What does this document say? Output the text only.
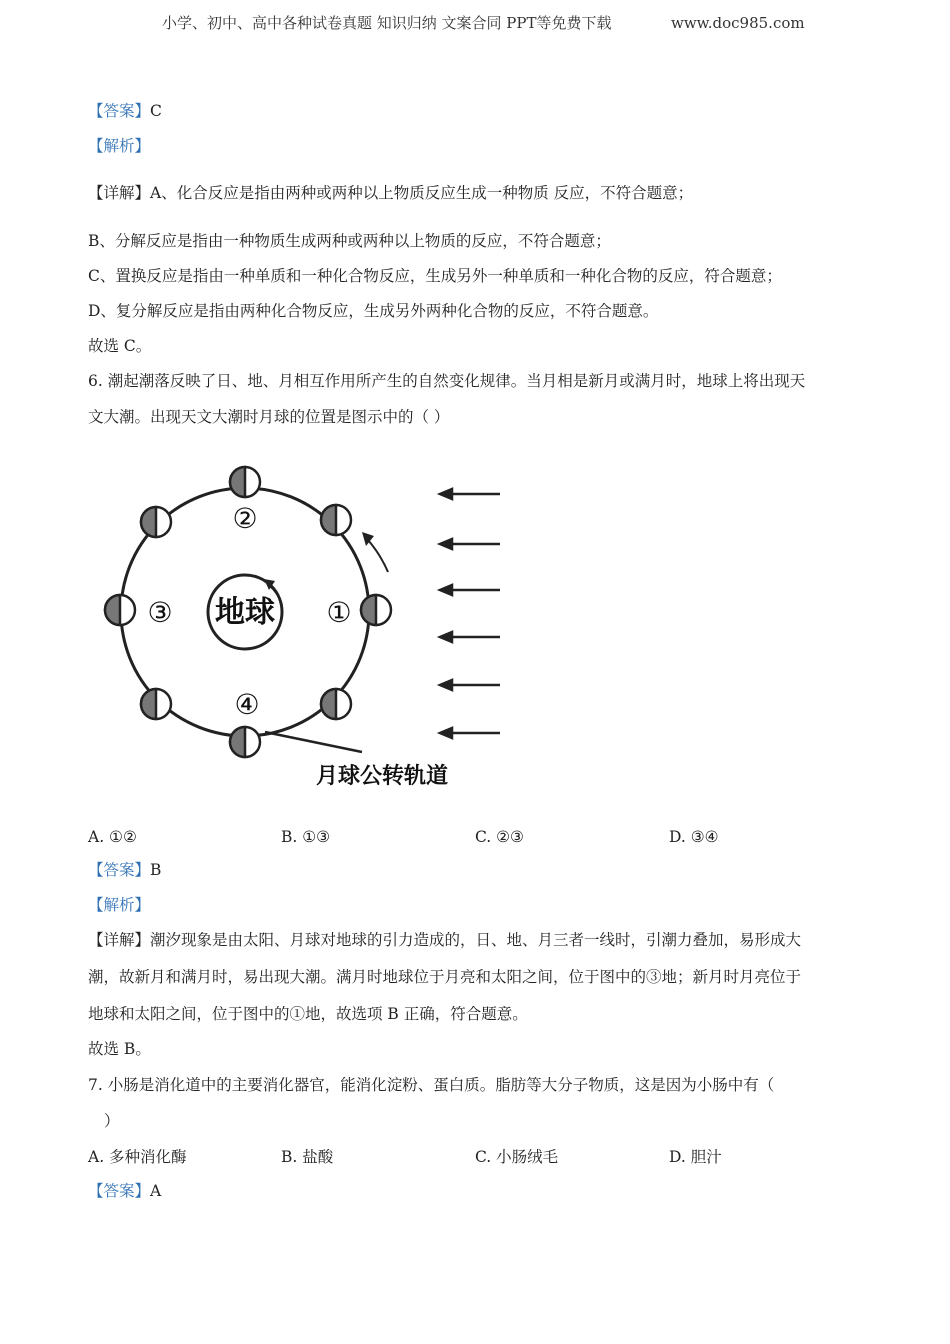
小学、初中、高中各种试卷真题 知识归纳 文案合同 PPT等免费下载	www.doc985.com
【答案】C
【解析】
【详解】A、化合反应是指由两种或两种以上物质反应生成一种物质 反应，不符合题意；
B、分解反应是指由一种物质生成两种或两种以上物质的反应，不符合题意；
C、置换反应是指由一种单质和一种化合物反应，生成另外一种单质和一种化合物的反应，符合题意；
D、复分解反应是指由两种化合物反应，生成另外两种化合物的反应，不符合题意。
故选 C。
6. 潮起潮落反映了日、地、月相互作用所产生的自然变化规律。当月相是新月或满月时，地球上将出现天
文大潮。出现天文大潮时月球的位置是图示中的（ ）
地球
②
③	①
④
月球公转轨道
A. ①②	B. ①③	C. ②③	D. ③④
【答案】B
【解析】
【详解】潮汐现象是由太阳、月球对地球的引力造成的，日、地、月三者一线时，引潮力叠加，易形成大
潮，故新月和满月时，易出现大潮。满月时地球位于月亮和太阳之间，位于图中的③地；新月时月亮位于
地球和太阳之间，位于图中的①地，故选项 B 正确，符合题意。
故选 B。
7. 小肠是消化道中的主要消化器官，能消化淀粉、蛋白质。脂肪等大分子物质，这是因为小肠中有（
）
A. 多种消化酶	B. 盐酸	C. 小肠绒毛	D. 胆汁
【答案】A
